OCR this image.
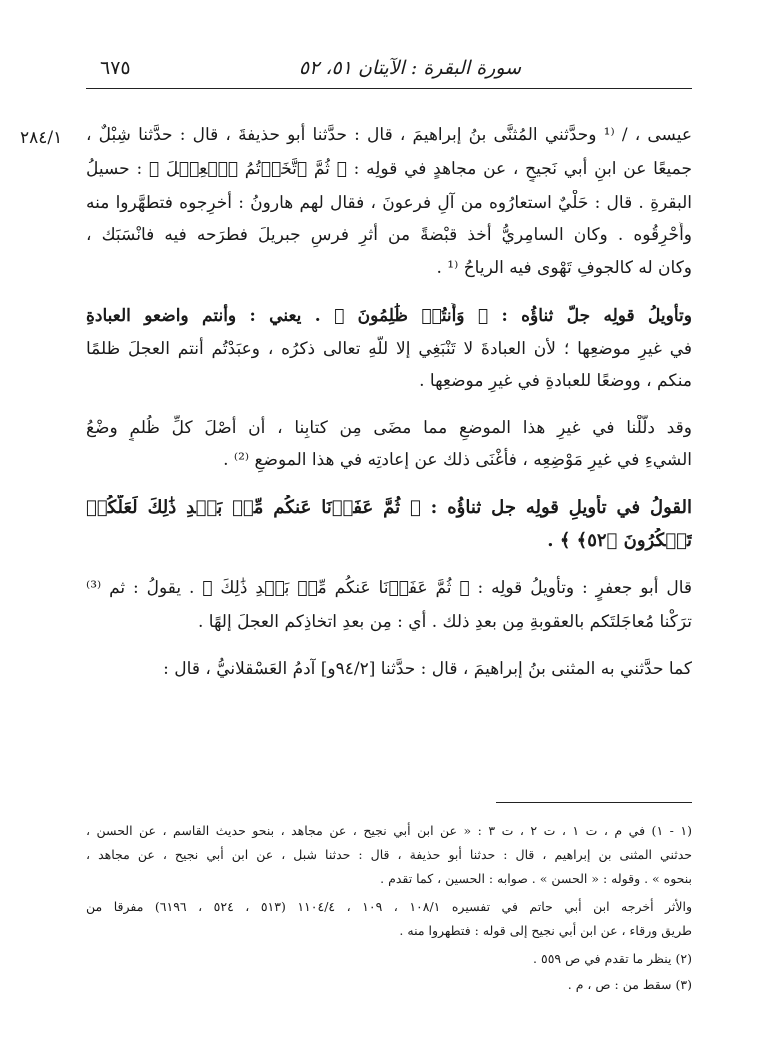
سورة البقرة : الآيتان ٥١، ٥٢
٦٧٥
٢٨٤/١ عيسى ، / ⁽¹ وحدَّثني المُثنَّى بنُ إبراهيمَ ، قال : حدَّثنا أبو حذيفةَ ، قال : حدَّثنا شِبْلٌ ،
جميعًا عن ابنِ أبي نَجيحٍ ، عن مجاهدٍ في قولِه : ﴿ ثُمَّ ٱتَّخَذۡتُمُ ٱلۡعِجۡلَ ﴾ : حسيلُ
البقرةِ . قال : حَلْيٌ استعارُوه من آلِ فرعونَ ، فقال لهم هارونُ : أخرِجوه فتطهَّروا منه
وأَحْرِقُوه . وكان السامِريُّ أخذ قبْضةً من أثرِ فرسِ جبريلَ فطرَحه فيه فانْسَبَك ،
وكان له كالجوفِ تَهْوى فيه الرياحُ ⁽¹ .
وتأويلُ قولِه جلّ ثناؤُه : ﴿ وَأَنتُمۡ ظَٰلِمُونَ ﴾ . يعني : وأنتم واضعو العبادةِ
في غيرِ موضعِها ؛ لأن العبادةَ لا تَنْبَغِي إلا للَّهِ تعالى ذكرُه ، وعبَدْتُم أنتم العجلَ ظلمًا
منكم ، ووضعًا للعبادةِ في غيرِ موضعِها .
وقد دلَّلْنا في غيرِ هذا الموضعِ مما مضَى مِن كتابِنا ، أن أصْلَ كلِّ ظُلمٍ وضْعُ
الشيءِ في غيرِ مَوْضِعِه ، فأغْنَى ذلك عن إعادتِه في هذا الموضعِ ⁽²⁾ .
القولُ في تأويلِ قولِه جل ثناؤُه : ﴿ ثُمَّ عَفَوۡنَا عَنكُم مِّنۢ بَعۡدِ ذَٰلِكَ لَعَلَّكُمۡ
تَشۡكُرُونَ ﴿٥٢﴾ ﴾ .
قال أبو جعفرٍ : وتأويلُ قولِه : ﴿ ثُمَّ عَفَوۡنَا عَنكُم مِّنۢ بَعۡدِ ذَٰلِكَ ﴾ . يقولُ : ثم ⁽³⁾
ترَكْنا مُعاجَلتَكم بالعقوبةِ مِن بعدِ ذلك . أي : مِن بعدِ اتخاذِكم العجلَ إلهًا .
كما حدَّثني به المثنى بنُ إبراهيمَ ، قال : حدَّثنا [٩٤/٢و] آدمُ العَسْقلانيُّ ، قال :
(١ - ١) في م ، ت ١ ، ت ٢ ، ت ٣ : « عن ابن أبي نجيح ، عن مجاهد ، بنحو حديث القاسم ، عن الحسن ،
حدثني المثنى بن إبراهيم ، قال : حدثنا أبو حذيفة ، قال : حدثنا شبل ، عن ابن أبي نجيح ، عن مجاهد ،
بنحوه » . وقوله : « الحسن » . صوابه : الحسين ، كما تقدم .
والأثر أخرجه ابن أبي حاتم في تفسيره ١٠٨/١ ، ١٠٩ ، ١١٠٤/٤ (٥١٣ ، ٥٢٤ ، ٦١٩٦) مفرقا من
طريق ورقاء ، عن ابن أبي نجيح إلى قوله : فتطهروا منه .
(٢) ينظر ما تقدم في ص ٥٥٩ .
(٣) سقط من : ص ، م .
